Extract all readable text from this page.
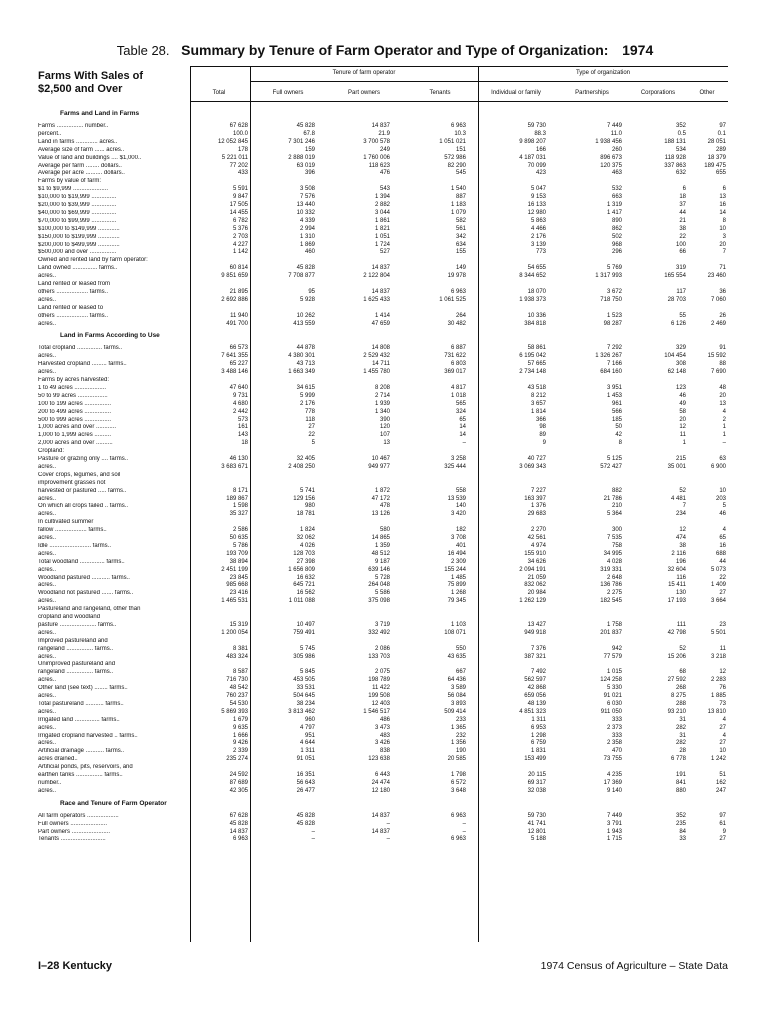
Table 28. Summary by Tenure of Farm Operator and Type of Organization: 1974
Farms With Sales of
$2,500 and Over
Tenure of farm operator	Type of organization
Total	Full owners	Part owners	Tenants	Individual or family	Partnerships	Corporations	Other
Farms and Land in Farms
Farms ................ number..	67 628	45 828	14 837	6 963	59 730	7 449	352	97
percent..	100.0	67.8	21.9	10.3	88.3	11.0	0.5	0.1
Land in farms ............. acres..	12 052 845	7 301 246	3 700 578	1 051 021	9 898 207	1 938 456	188 131	28 051
Average size of farm ...... acres..	178	159	249	151	166	260	534	289
Value of land and buildings .... $1,000..	5 221 011	2 888 019	1 760 006	572 986	4 187 031	896 673	118 928	18 379
Average per farm ........ dollars..	77 202	63 019	118 623	82 290	70 099	120 375	337 863	189 475
Average per acre .......... dollars..	433	396	476	545	423	463	632	655
Farms by value of farm:
$1 to $9,999 .....................	5 591	3 508	543	1 540	5 047	532	6	6
$10,000 to $19,999 ...............	9 847	7 576	1 394	887	9 153	663	18	13
$20,000 to $39,999 ...............	17 505	13 440	2 882	1 183	16 133	1 319	37	16
$40,000 to $69,999 ...............	14 455	10 332	3 044	1 079	12 980	1 417	44	14
$70,000 to $99,999 ...............	6 782	4 339	1 861	582	5 863	890	21	8
$100,000 to $149,999 .............	5 376	2 994	1 821	561	4 466	862	38	10
$150,000 to $199,999 .............	2 703	1 310	1 051	342	2 176	502	22	3
$200,000 to $499,999 .............	4 227	1 869	1 724	634	3 139	968	100	20
$500,000 and over ................	1 142	460	527	155	773	296	66	7
Owned and rented land by farm operator:
Land owned ............... farms..	60 814	45 828	14 837	149	54 655	5 769	319	71
acres..	9 851 659	7 708 877	2 122 804	19 978	8 344 652	1 317 993	165 554	23 460
Land rented or leased from
others ................... farms..	21 895	95	14 837	6 963	18 070	3 672	117	36
acres..	2 692 886	5 928	1 625 433	1 061 525	1 938 373	718 750	28 703	7 060
Land rented or leased to
others ................... farms..	11 940	10 262	1 414	264	10 336	1 523	55	26
acres..	491 700	413 559	47 659	30 482	384 818	98 287	6 126	2 469
Land in Farms According to Use
Total cropland ............... farms..	66 573	44 878	14 808	6 887	58 861	7 292	329	91
acres..	7 641 355	4 380 301	2 529 432	731 622	6 195 042	1 326 267	104 454	15 592
Harvested cropland ......... farms..	65 227	43 713	14 711	6 803	57 665	7 166	308	88
acres..	3 488 146	1 663 349	1 455 780	369 017	2 734 148	684 160	62 148	7 690
Farms by acres harvested:
1 to 49 acres ...................	47 640	34 615	8 208	4 817	43 518	3 951	123	48
50 to 99 acres ..................	9 731	5 999	2 714	1 018	8 212	1 453	46	20
100 to 199 acres ................	4 680	2 176	1 939	565	3 657	961	49	13
200 to 499 acres ................	2 442	778	1 340	324	1 814	566	58	4
500 to 999 acres ................	573	118	390	65	366	185	20	2
1,000 acres and over ............	161	27	120	14	98	50	12	1
1,000 to 1,999 acres ..........	143	22	107	14	89	42	11	1
2,000 acres and over ..........	18	5	13	–	9	8	1	–
Cropland:
Pasture or grazing only .... farms..	46 130	32 405	10 467	3 258	40 727	5 125	215	63
acres..	3 683 671	2 408 250	949 977	325 444	3 069 343	572 427	35 001	6 900
Cover crops, legumes, and soil
improvement grasses not
harvested or pastured ..... farms..	8 171	5 741	1 872	558	7 227	882	52	10
acres..	189 867	129 156	47 172	13 539	163 397	21 786	4 481	203
On which all crops failed .. farms..	1 598	980	478	140	1 376	210	7	5
acres..	35 327	18 781	13 126	3 420	29 683	5 364	234	46
In cultivated summer
fallow ................... farms..	2 586	1 824	580	182	2 270	300	12	4
acres..	50 635	32 062	14 865	3 708	42 561	7 535	474	65
Idle ......................... farms..	5 786	4 026	1 359	401	4 974	758	38	16
acres..	193 709	128 703	48 512	16 494	155 910	34 995	2 116	688
Total woodland ............... farms..	38 894	27 398	9 187	2 309	34 626	4 028	196	44
acres..	2 451 199	1 656 809	639 146	155 244	2 094 191	319 331	32 604	5 073
Woodland pastured ........... farms..	23 845	16 632	5 728	1 485	21 059	2 648	116	22
acres..	985 668	645 721	264 048	75 899	832 062	136 786	15 411	1 409
Woodland not pastured ....... farms..	23 416	16 562	5 586	1 268	20 984	2 275	130	27
acres..	1 465 531	1 011 088	375 098	79 345	1 262 129	182 545	17 193	3 664
Pastureland and rangeland, other than
cropland and woodland
pasture ...................... farms..	15 319	10 497	3 719	1 103	13 427	1 758	111	23
acres..	1 200 054	759 491	332 492	108 071	949 918	201 837	42 798	5 501
Improved pastureland and
rangeland ................ farms..	8 381	5 745	2 086	550	7 376	942	52	11
acres..	483 324	305 986	133 703	43 635	387 321	77 579	15 206	3 218
Unimproved pastureland and
rangeland ................ farms..	8 587	5 845	2 075	667	7 492	1 015	68	12
acres..	716 730	453 505	198 789	64 436	562 597	124 258	27 592	2 283
Other land (see text) ........ farms..	48 542	33 531	11 422	3 589	42 868	5 330	268	76
acres..	760 237	504 645	199 508	56 084	659 056	91 021	8 275	1 885
Total pastureland ........... farms..	54 530	38 234	12 403	3 893	48 139	6 030	288	73
acres..	5 869 393	3 813 462	1 546 517	509 414	4 851 323	911 050	93 210	13 810
Irrigated land ............... farms..	1 679	960	486	233	1 311	333	31	4
acres..	9 635	4 797	3 473	1 365	6 953	2 373	282	27
Irrigated cropland harvested .. farms..	1 666	951	483	232	1 298	333	31	4
acres..	9 426	4 644	3 426	1 356	6 759	2 358	282	27
Artificial drainage ........... farms..	2 339	1 311	838	190	1 831	470	28	10
acres drained..	235 274	91 051	123 638	20 585	153 499	73 755	6 778	1 242
Artificial ponds, pits, reservoirs, and
earthen tanks ................ farms..	24 592	16 351	6 443	1 798	20 115	4 235	191	51
number..	87 689	56 643	24 474	6 572	69 317	17 369	841	162
acres..	42 305	26 477	12 180	3 648	32 038	9 140	880	247
Race and Tenure of Farm Operator
All farm operators ...................	67 628	45 828	14 837	6 963	59 730	7 449	352	97
Full owners ......................	45 828	45 828	–	–	41 741	3 791	235	61
Part owners .......................	14 837	–	14 837	–	12 801	1 943	84	9
Tenants ...........................	6 963	–	–	6 963	5 188	1 715	33	27
I–28 Kentucky	1974 Census of Agriculture – State Data
